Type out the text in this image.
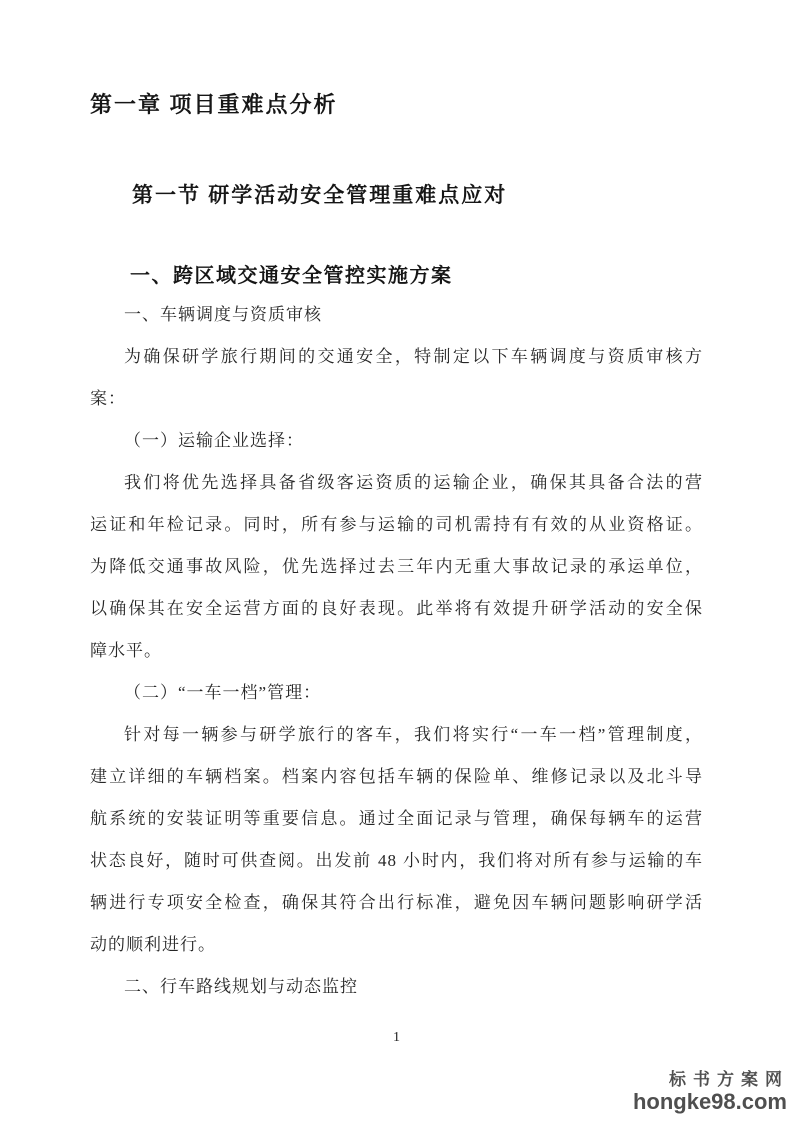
第一章 项目重难点分析
第一节 研学活动安全管理重难点应对
一、跨区域交通安全管控实施方案
一、车辆调度与资质审核
为确保研学旅行期间的交通安全，特制定以下车辆调度与资质审核方
案：
（一）运输企业选择：
我们将优先选择具备省级客运资质的运输企业，确保其具备合法的营
运证和年检记录。同时，所有参与运输的司机需持有有效的从业资格证。
为降低交通事故风险，优先选择过去三年内无重大事故记录的承运单位，
以确保其在安全运营方面的良好表现。此举将有效提升研学活动的安全保
障水平。
（二）“一车一档”管理：
针对每一辆参与研学旅行的客车，我们将实行“一车一档”管理制度，
建立详细的车辆档案。档案内容包括车辆的保险单、维修记录以及北斗导
航系统的安装证明等重要信息。通过全面记录与管理，确保每辆车的运营
状态良好，随时可供查阅。出发前 48 小时内，我们将对所有参与运输的车
辆进行专项安全检查，确保其符合出行标准，避免因车辆问题影响研学活
动的顺利进行。
二、行车路线规划与动态监控
1
标书方案网
hongke98.com
